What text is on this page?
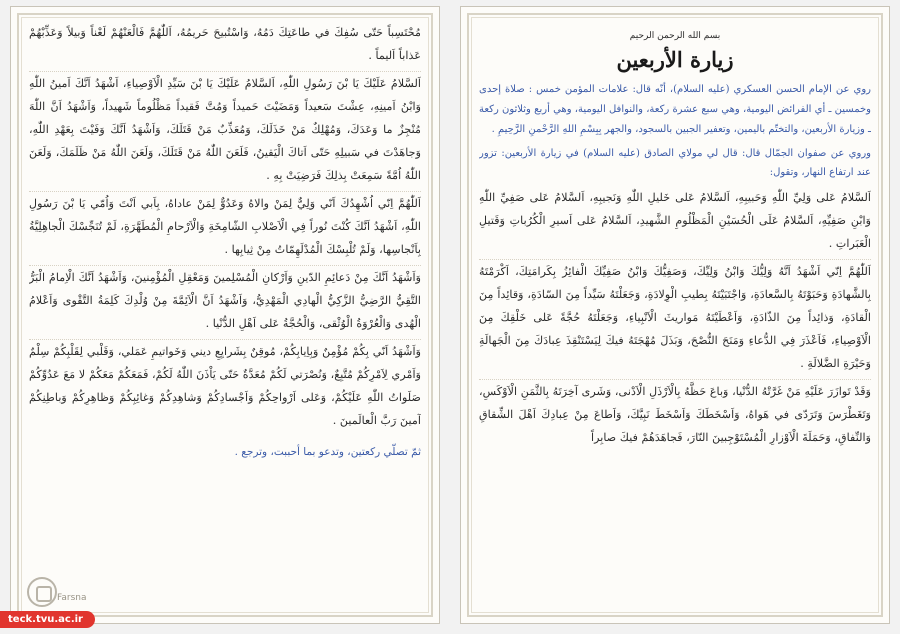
مُحْتَسِباً حَتّى سُفِكَ في طاعَتِكَ دَمُهُ، وَاسْتُبيحَ حَريمُهُ، اَللّٰهُمَّ فَالْعَنْهُمْ لَعْناً وَبيلاً وَعَذِّبْهُمْ عَذاباً اَليماً .

اَلسَّلامُ عَلَيْكَ يَا بْنَ رَسُولِ اللّٰهِ، اَلسَّلامُ عَلَيْكَ يَا بْنَ سَيِّدِ الْاَوْصِياءِ، اَشْهَدُ اَنَّكَ اَمينُ اللّٰهِ وَابْنُ اَمينِهِ، عِشْتَ سَعيداً وَمَضَيْتَ حَميداً وَمُتَّ فَقيداً مَظْلُوماً شَهيداً، وَاَشْهَدُ اَنَّ اللّٰهَ مُنْجِزٌ ما وَعَدَكَ، وَمُهْلِكٌ مَنْ خَذَلَكَ، وَمُعَذِّبٌ مَنْ قَتَلَكَ، وَاَشْهَدُ اَنَّكَ وَفَيْتَ بِعَهْدِ اللّٰهِ، وَجاهَدْتَ في سَبيلِهِ حَتّى اَتاكَ الْيَقينُ، فَلَعَنَ اللّٰهُ مَنْ قَتَلَكَ، وَلَعَنَ اللّٰهُ مَنْ ظَلَمَكَ، وَلَعَنَ اللّٰهُ اُمَّةً سَمِعَتْ بِذلِكَ فَرَضِيَتْ بِهِ .

اَللّٰهُمَّ اِنّي اُشْهِدُكَ اَنّي وَلِيٌّ لِمَنْ والاهُ وَعَدُوٌّ لِمَنْ عاداهُ، بِاَبي اَنْتَ وَاُمّي يَا بْنَ رَسُولِ اللّٰهِ، اَشْهَدُ اَنَّكَ كُنْتَ نُوراً فِي الْاَصْلابِ الشّامِخَةِ وَالْاَرْحامِ الْمُطَهَّرَةِ، لَمْ تُنَجِّسْكَ الْجاهِلِيَّةُ بِاَنْجاسِها، وَلَمْ تُلْبِسْكَ الْمُدْلَهِمّاتُ مِنْ ثِيابِها .

وَاَشْهَدُ اَنَّكَ مِنْ دَعائِمِ الدّينِ وَاَرْكانِ الْمُسْلِمينَ وَمَعْقِلِ الْمُؤْمِنينَ، وَاَشْهَدُ اَنَّكَ الْاِمامُ الْبَرُّ التَّقِيُّ الرَّضِيُّ الزَّكِيُّ الْهادِي الْمَهْدِيُّ، وَاَشْهَدُ اَنَّ الْاَئِمَّةَ مِنْ وُلْدِكَ كَلِمَةُ التَّقْوى وَاَعْلامُ الْهُدى وَالْعُرْوَةُ الْوُثْقى، وَالْحُجَّةُ عَلى اَهْلِ الدُّنْيا .

وَاَشْهَدُ اَنّي بِكُمْ مُؤْمِنٌ وَبِاِيابِكُمْ، مُوقِنٌ بِشَرايِعِ ديني وَخَواتيمِ عَمَلي، وَقَلْبي لِقَلْبِكُمْ سِلْمٌ وَاَمْري لِاَمْرِكُمْ مُتَّبِعٌ، وَنُصْرَتي لَكُمْ مُعَدَّةٌ حَتّى يَاْذَنَ اللّٰهُ لَكُمْ، فَمَعَكُمْ مَعَكُمْ لا مَعَ عَدُوِّكُمْ صَلَواتُ اللّٰهِ عَلَيْكُمْ، وَعَلى اَرْواحِكُمْ وَاَجْسادِكُمْ وَشاهِدِكُمْ وَغائِبِكُمْ وَظاهِرِكُمْ وَباطِنِكُمْ آمينَ رَبَّ الْعالَمينَ .

ثمّ تصلّي ركعتين، وتدعو بما أحببت، وترجع .
Farsna
بسم الله الرحمن الرحيم
زيارة الأربعين

روي عن الإمام الحسن العسكري (عليه السلام)، أنّه قال: علامات المؤمن خمس : صلاة إحدى وخمسين ـ أي الفرائض اليومية، وهي سبع عشرة ركعة، والنوافل اليومية، وهي أربع وثلاثون ركعة ـ وزيارة الأربعين، والتختّم باليمين، وتعفير الجبين بالسجود، والجهر بِبِسْمِ اللهِ الرَّحْمنِ الرَّحِيمِ .

وروي عن صفوان الجمّال قال: قال لي مولاي الصادق (عليه السلام) في زيارة الأربعين: تزور عند ارتفاع النهار، وتقول:

اَلسَّلامُ عَلى وَلِيِّ اللّٰهِ وَحَبيبِهِ، اَلسَّلامُ عَلى خَليلِ اللّٰهِ وَنَجيبِهِ، اَلسَّلامُ عَلى صَفِيِّ اللّٰهِ وَابْنِ صَفِيِّهِ، اَلسَّلامُ عَلَى الْحُسَيْنِ الْمَظْلُومِ الشَّهيدِ، اَلسَّلامُ عَلى اَسيرِ الْكُرُباتِ وَقَتيلِ الْعَبَراتِ .

اَللّٰهُمَّ اِنّي اَشْهَدُ اَنَّهُ وَلِيُّكَ وَابْنُ وَلِيِّكَ، وَصَفِيُّكَ وَابْنُ صَفِيِّكَ الْفائِزُ بِكَرامَتِكَ، اَكْرَمْتَهُ بِالشَّهادَةِ وَحَبَوْتَهُ بِالسَّعادَةِ، وَاجْتَبَيْتَهُ بِطيبِ الْوِلادَةِ، وَجَعَلْتَهُ سَيِّداً مِنَ السّادَةِ، وَقائِداً مِنَ الْقادَةِ، وَذائِداً مِنَ الذّادَةِ، وَاَعْطَيْتَهُ مَواريثَ الْاَنْبِياءِ، وَجَعَلْتَهُ حُجَّةً عَلى خَلْقِكَ مِنَ الْاَوْصِياءِ، فَاَعْذَرَ فِي الدُّعاءِ وَمَنَحَ النُّصْحَ، وَبَذَلَ مُهْجَتَهُ فيكَ لِيَسْتَنْقِذَ عِبادَكَ مِنَ الْجَهالَةِ وَحَيْرَةِ الضَّلالَةِ .

وَقَدْ تَوازَرَ عَلَيْهِ مَنْ غَرَّتْهُ الدُّنْيا، وَباعَ حَظَّهُ بِالْاَرْذَلِ الْاَدْنى، وَشَرى آخِرَتَهُ بِالثَّمَنِ الْاَوْكَسِ، وَتَغَطْرَسَ وَتَرَدّى في هَواهُ، وَاَسْخَطَكَ وَاَسْخَطَ نَبِيَّكَ، وَاَطاعَ مِنْ عِبادِكَ اَهْلَ الشِّقاقِ وَالنِّفاقِ، وَحَمَلَةَ الْاَوْزارِ الْمُسْتَوْجِبينَ النّارَ، فَجاهَدَهُمْ فيكَ صابِراً

teck.tvu.ac.ir
